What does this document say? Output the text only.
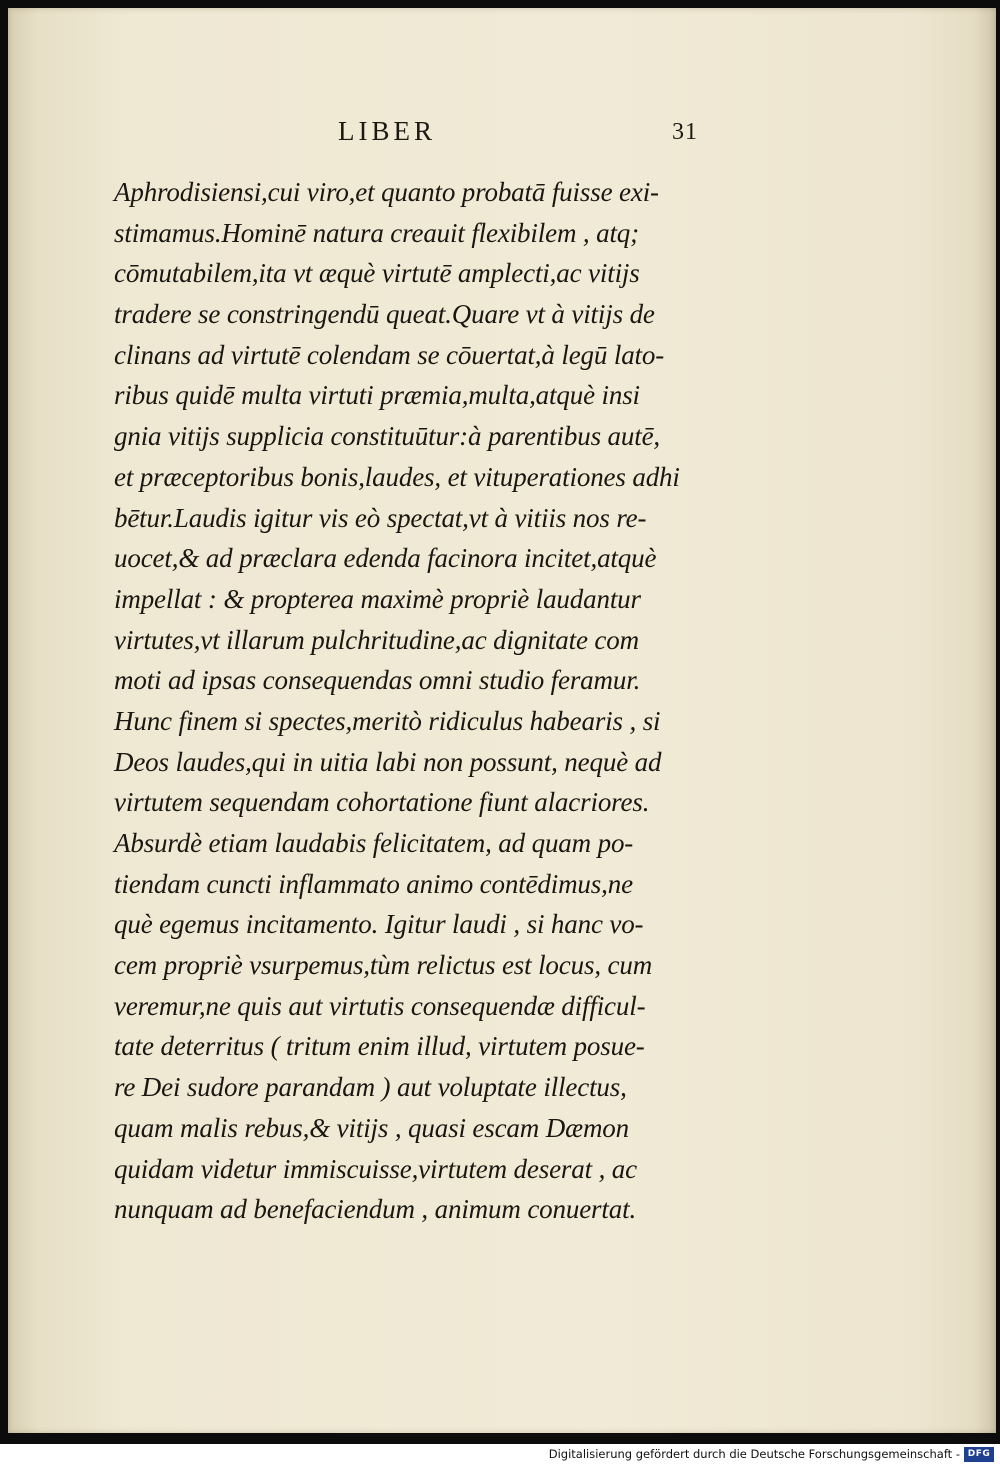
LIBER	31
Aphrodisiensi,cui viro,et quanto probatā fuisse exi-
stimamus.Hominē natura creauit flexibilem , atq;
cōmutabilem,ita vt æquè virtutē amplecti,ac vitijs
tradere se constringendū queat.Quare vt à vitijs de
clinans ad virtutē colendam se cōuertat,à legū lato-
ribus quidē multa virtuti præmia,multa,atquè insi
gnia vitijs supplicia constituūtur:à parentibus autē,
et præceptoribus bonis,laudes, et vituperationes adhi
bētur.Laudis igitur vis eò spectat,vt à vitiis nos re-
uocet,& ad præclara edenda facinora incitet,atquè
impellat : & propterea maximè propriè laudantur
virtutes,vt illarum pulchritudine,ac dignitate com
moti ad ipsas consequendas omni studio feramur.
Hunc finem si spectes,meritò ridiculus habearis , si
Deos laudes,qui in uitia labi non possunt, nequè ad
virtutem sequendam cohortatione fiunt alacriores.
Absurdè etiam laudabis felicitatem, ad quam po-
tiendam cuncti inflammato animo contēdimus,ne
què egemus incitamento. Igitur laudi , si hanc vo-
cem propriè vsurpemus,tùm relictus est locus, cum
veremur,ne quis aut virtutis consequendæ difficul-
tate deterritus ( tritum enim illud, virtutem posue-
re Dei sudore parandam ) aut voluptate illectus,
quam malis rebus,& vitijs , quasi escam Dæmon
quidam videtur immiscuisse,virtutem deserat , ac
nunquam ad benefaciendum , animum conuertat.
Digitalisierung gefördert durch die Deutsche Forschungsgemeinschaft - DFG
